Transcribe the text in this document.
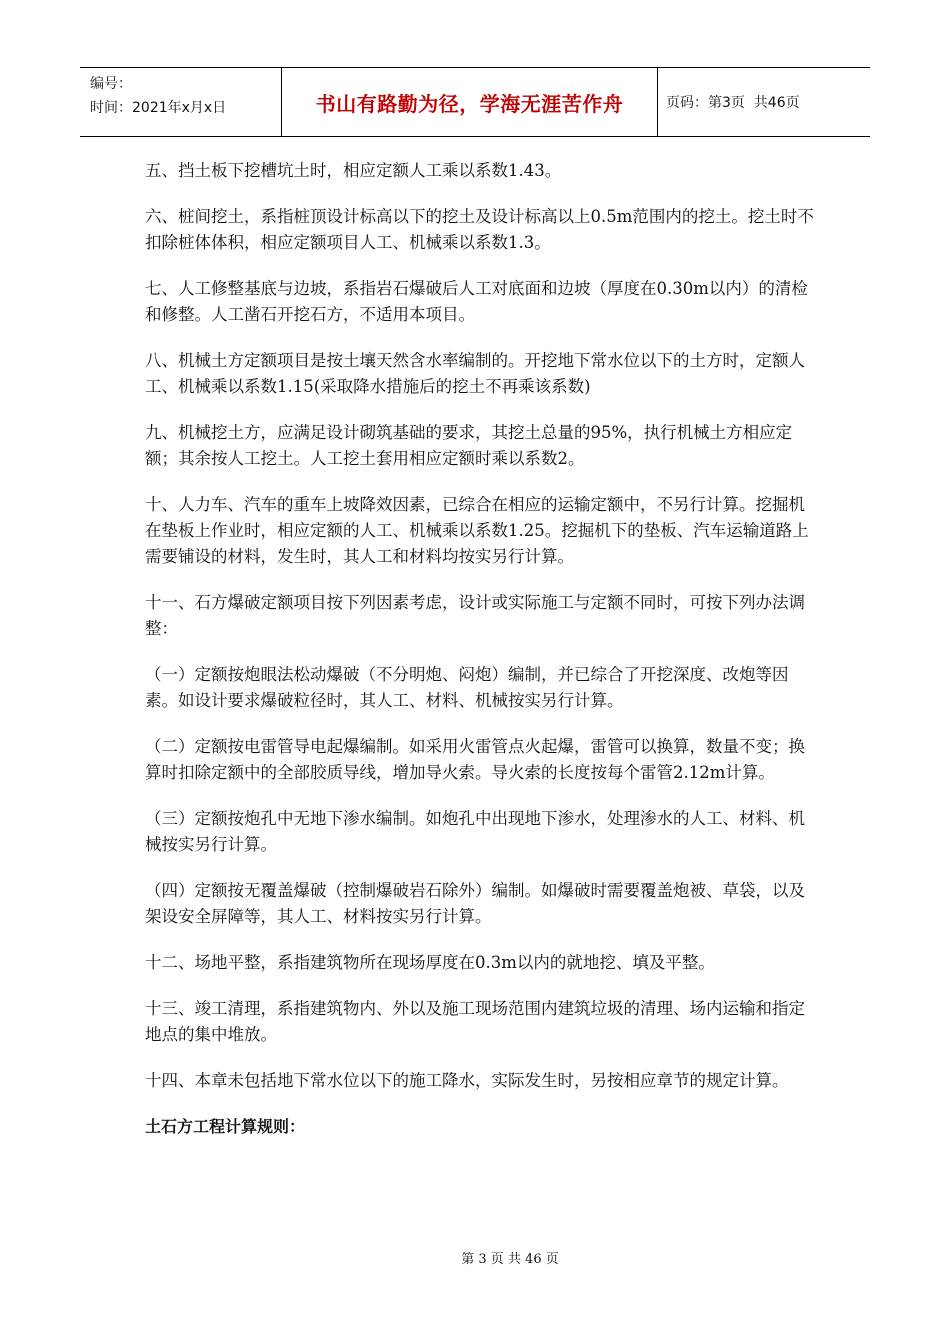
编号：
时间：2021年x月x日	书山有路勤为径，学海无涯苦作舟	页码：第3页  共46页

五、挡土板下挖槽坑土时，相应定额人工乘以系数1.43。

六、桩间挖土，系指桩顶设计标高以下的挖土及设计标高以上0.5m范围内的挖土。挖土时不扣除桩体体积，相应定额项目人工、机械乘以系数1.3。

七、人工修整基底与边坡，系指岩石爆破后人工对底面和边坡（厚度在0.30m以内）的清检和修整。人工凿石开挖石方，不适用本项目。

八、机械土方定额项目是按土壤天然含水率编制的。开挖地下常水位以下的土方时，定额人工、机械乘以系数1.15(采取降水措施后的挖土不再乘该系数)

九、机械挖土方，应满足设计砌筑基础的要求，其挖土总量的95%，执行机械土方相应定额；其余按人工挖土。人工挖土套用相应定额时乘以系数2。

十、人力车、汽车的重车上坡降效因素，已综合在相应的运输定额中，不另行计算。挖掘机在垫板上作业时，相应定额的人工、机械乘以系数1.25。挖掘机下的垫板、汽车运输道路上需要铺设的材料，发生时，其人工和材料均按实另行计算。

十一、石方爆破定额项目按下列因素考虑，设计或实际施工与定额不同时，可按下列办法调整：

（一）定额按炮眼法松动爆破（不分明炮、闷炮）编制，并已综合了开挖深度、改炮等因素。如设计要求爆破粒径时，其人工、材料、机械按实另行计算。

（二）定额按电雷管导电起爆编制。如采用火雷管点火起爆，雷管可以换算，数量不变；换算时扣除定额中的全部胶质导线，增加导火索。导火索的长度按每个雷管2.12m计算。

（三）定额按炮孔中无地下渗水编制。如炮孔中出现地下渗水，处理渗水的人工、材料、机械按实另行计算。

（四）定额按无覆盖爆破（控制爆破岩石除外）编制。如爆破时需要覆盖炮被、草袋，以及架设安全屏障等，其人工、材料按实另行计算。

十二、场地平整，系指建筑物所在现场厚度在0.3m以内的就地挖、填及平整。

十三、竣工清理，系指建筑物内、外以及施工现场范围内建筑垃圾的清理、场内运输和指定地点的集中堆放。

十四、本章未包括地下常水位以下的施工降水，实际发生时，另按相应章节的规定计算。

土石方工程计算规则：
第 3 页 共 46 页
